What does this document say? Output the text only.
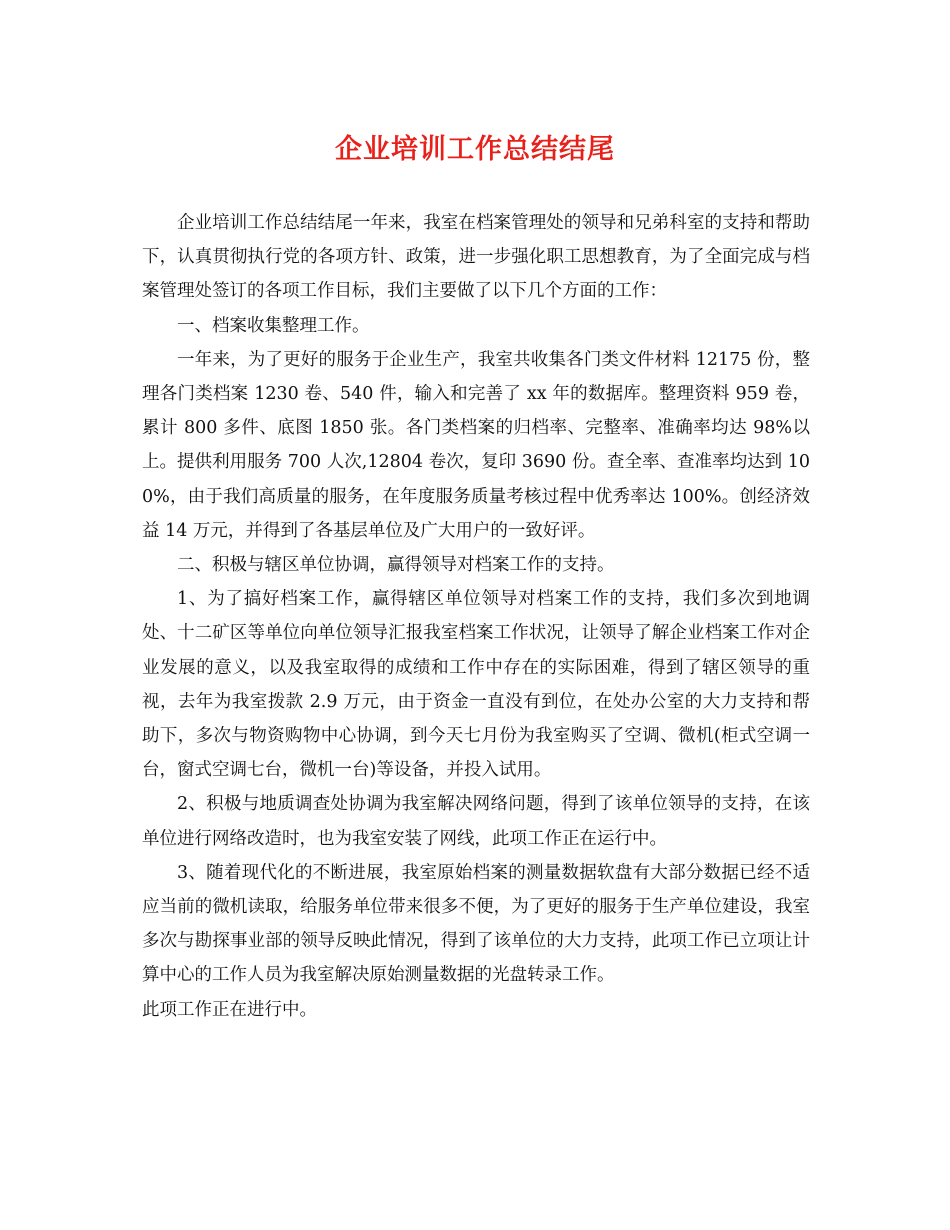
企业培训工作总结结尾

企业培训工作总结结尾一年来，我室在档案管理处的领导和兄弟科室的支持和帮助下，认真贯彻执行党的各项方针、政策，进一步强化职工思想教育，为了全面完成与档案管理处签订的各项工作目标，我们主要做了以下几个方面的工作：

一、档案收集整理工作。

一年来，为了更好的服务于企业生产，我室共收集各门类文件材料 12175 份，整理各门类档案 1230 卷、540 件，输入和完善了 xx 年的数据库。整理资料 959 卷，累计 800 多件、底图 1850 张。各门类档案的归档率、完整率、准确率均达 98%以上。提供利用服务 700 人次,12804 卷次，复印 3690 份。查全率、查准率均达到 100%，由于我们高质量的服务，在年度服务质量考核过程中优秀率达 100%。创经济效益 14 万元，并得到了各基层单位及广大用户的一致好评。

二、积极与辖区单位协调，赢得领导对档案工作的支持。

1、为了搞好档案工作，赢得辖区单位领导对档案工作的支持，我们多次到地调处、十二矿区等单位向单位领导汇报我室档案工作状况，让领导了解企业档案工作对企业发展的意义，以及我室取得的成绩和工作中存在的实际困难，得到了辖区领导的重视，去年为我室拨款 2.9 万元，由于资金一直没有到位，在处办公室的大力支持和帮助下，多次与物资购物中心协调，到今天七月份为我室购买了空调、微机(柜式空调一台，窗式空调七台，微机一台)等设备，并投入试用。

2、积极与地质调查处协调为我室解决网络问题，得到了该单位领导的支持，在该单位进行网络改造时，也为我室安装了网线，此项工作正在运行中。

3、随着现代化的不断进展，我室原始档案的测量数据软盘有大部分数据已经不适应当前的微机读取，给服务单位带来很多不便，为了更好的服务于生产单位建设，我室多次与勘探事业部的领导反映此情况，得到了该单位的大力支持，此项工作已立项让计算中心的工作人员为我室解决原始测量数据的光盘转录工作。

此项工作正在进行中。
